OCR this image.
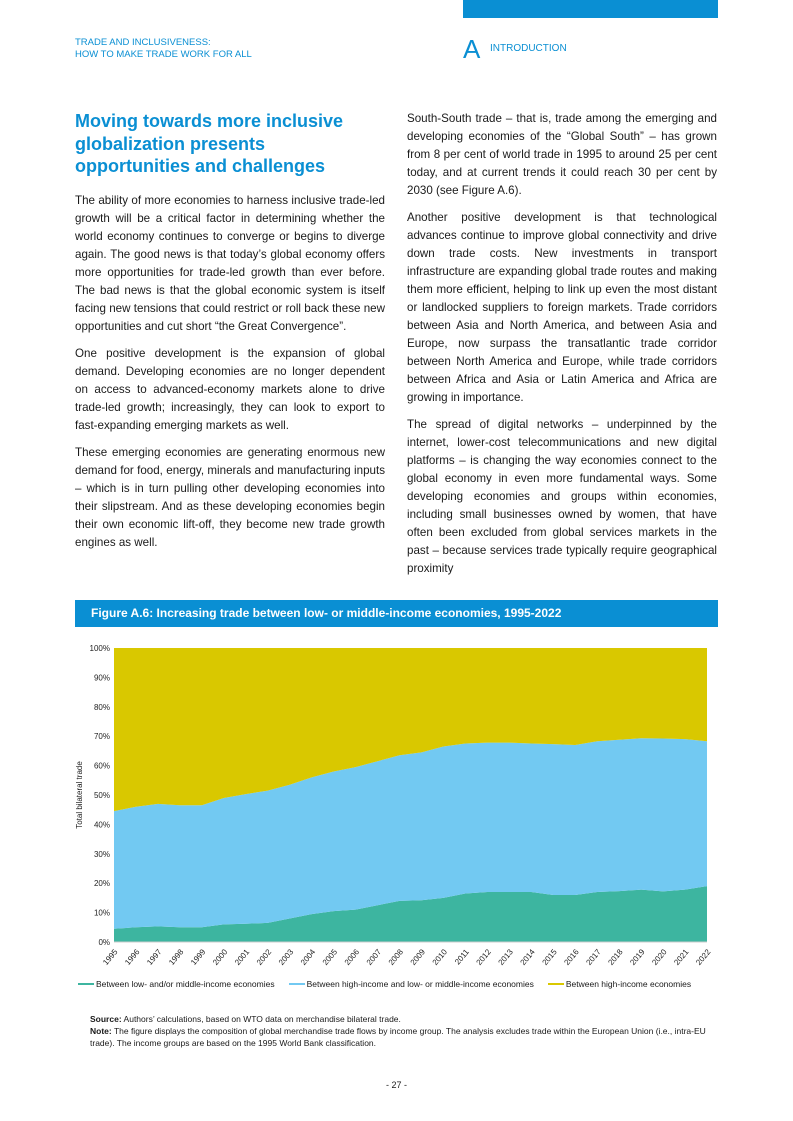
TRADE AND INCLUSIVENESS:
HOW TO MAKE TRADE WORK FOR ALL	A INTRODUCTION
Moving towards more inclusive globalization presents opportunities and challenges

The ability of more economies to harness inclusive trade-led growth will be a critical factor in determining whether the world economy continues to converge or begins to diverge again. The good news is that today’s global economy offers more opportunities for trade-led growth than ever before. The bad news is that the global economic system is itself facing new tensions that could restrict or roll back these new opportunities and cut short “the Great Convergence”.

One positive development is the expansion of global demand. Developing economies are no longer dependent on access to advanced-economy markets alone to drive trade-led growth; increasingly, they can look to export to fast-expanding emerging markets as well.

These emerging economies are generating enormous new demand for food, energy, minerals and manufacturing inputs – which is in turn pulling other developing economies into their slipstream. And as these developing economies begin their own economic lift-off, they become new trade growth engines as well.

South-South trade – that is, trade among the emerging and developing economies of the “Global South” – has grown from 8 per cent of world trade in 1995 to around 25 per cent today, and at current trends it could reach 30 per cent by 2030 (see Figure A.6).

Another positive development is that technological advances continue to improve global connectivity and drive down trade costs. New investments in transport infrastructure are expanding global trade routes and making them more efficient, helping to link up even the most distant or landlocked suppliers to foreign markets. Trade corridors between Asia and North America, and between Asia and Europe, now surpass the transatlantic trade corridor between North America and Europe, while trade corridors between Africa and Asia or Latin America and Africa are growing in importance.

The spread of digital networks – underpinned by the internet, lower-cost telecommunications and new digital platforms – is changing the way economies connect to the global economy in even more fundamental ways. Some developing economies and groups within economies, including small businesses owned by women, that have often been excluded from global services markets in the past – because services trade typically require geographical proximity

Figure A.6: Increasing trade between low- or middle-income economies, 1995-2022
0%
10%
20%
30%
40%
50%
60%
70%
80%
90%
100%
1995 1996 1997 1998 1999 2000 2001 2002 2003 2004 2005 2006 2007 2008 2009 2010 2011 2012 2013 2014 2015 2016 2017 2018 2019 2020 2021 2022
Total bilateral trade
Between low- and/or middle-income economies	Between high-income and low- or middle-income economies	Between high-income economies
Source: Authors’ calculations, based on WTO data on merchandise bilateral trade.
Note: The figure displays the composition of global merchandise trade flows by income group. The analysis excludes trade within the European Union (i.e., intra-EU trade). The income groups are based on the 1995 World Bank classification.
- 27 -
